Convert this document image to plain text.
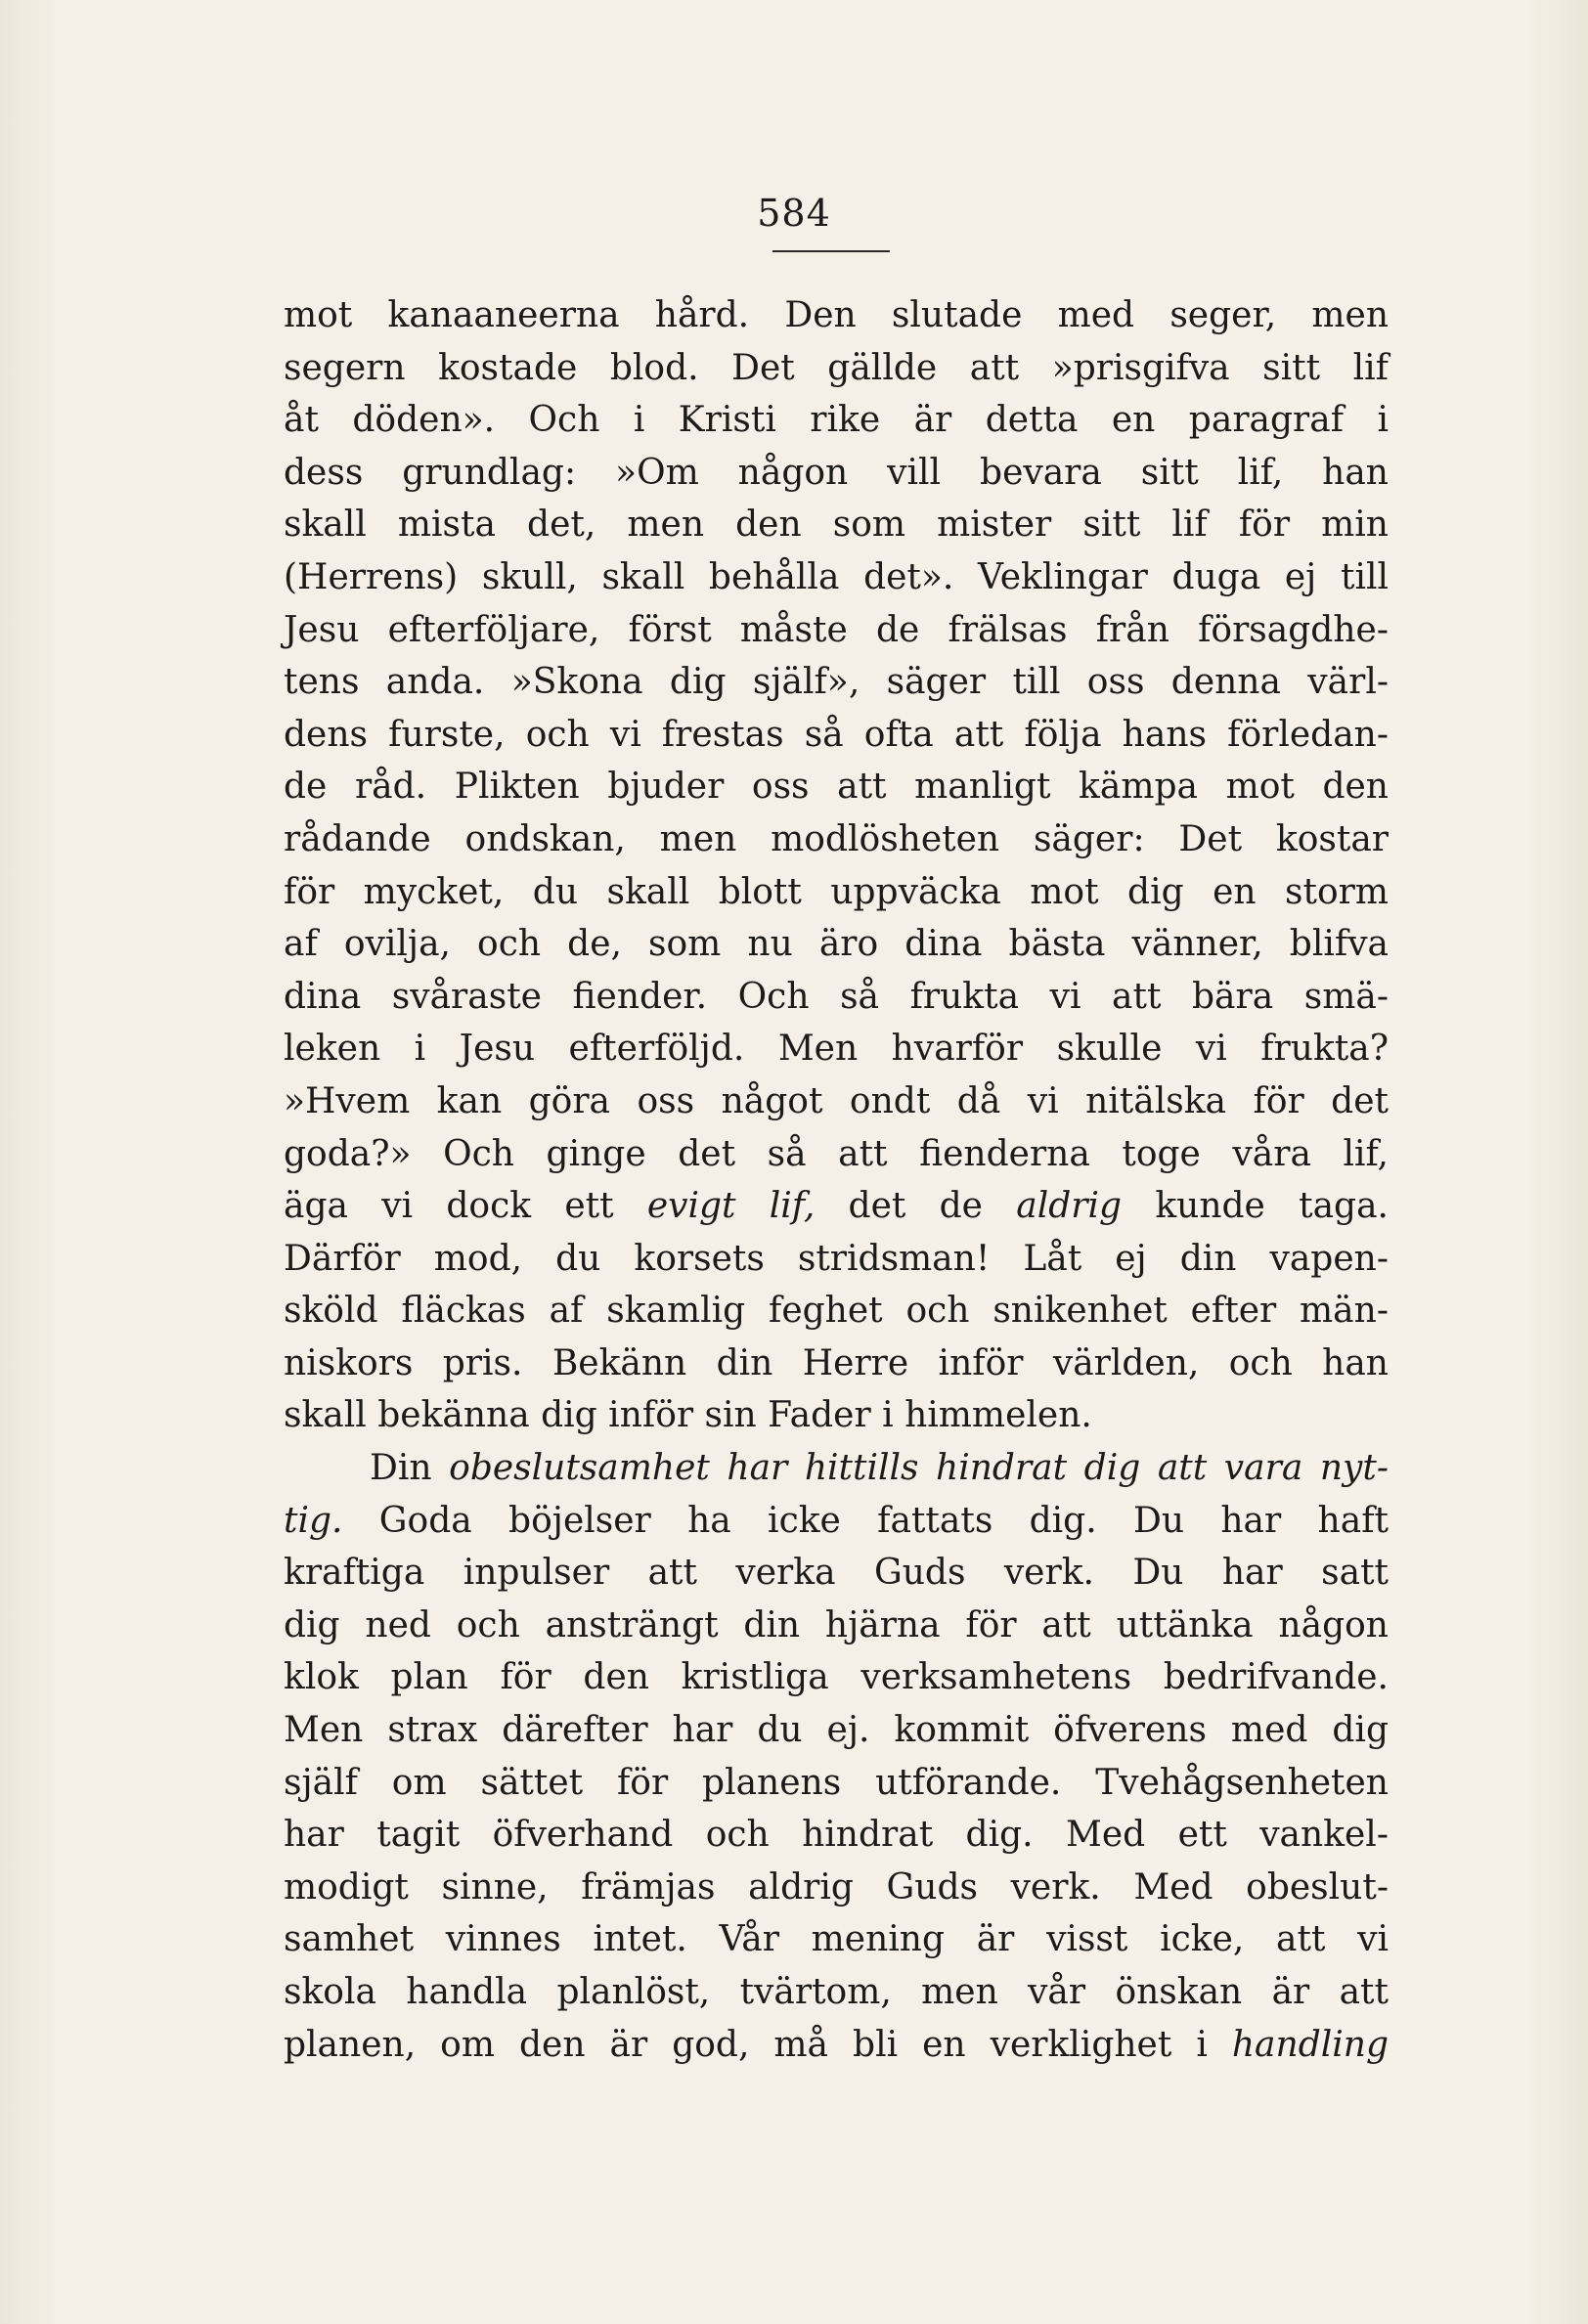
584
mot kanaaneerna hård. Den slutade med seger, men
segern kostade blod. Det gällde att »prisgifva sitt lif
åt döden». Och i Kristi rike är detta en paragraf i
dess grundlag: »Om någon vill bevara sitt lif, han
skall mista det, men den som mister sitt lif för min
(Herrens) skull, skall behålla det». Veklingar duga ej till
Jesu efterföljare, först måste de frälsas från försagdhe-
tens anda. »Skona dig själf», säger till oss denna värl-
dens furste, och vi frestas så ofta att följa hans förledan-
de råd. Plikten bjuder oss att manligt kämpa mot den
rådande ondskan, men modlösheten säger: Det kostar
för mycket, du skall blott uppväcka mot dig en storm
af ovilja, och de, som nu äro dina bästa vänner, blifva
dina svåraste fiender. Och så frukta vi att bära smä-
leken i Jesu efterföljd. Men hvarför skulle vi frukta?
»Hvem kan göra oss något ondt då vi nitälska för det
goda?» Och ginge det så att fienderna toge våra lif,
äga vi dock ett evigt lif, det de aldrig kunde taga.
Därför mod, du korsets stridsman! Låt ej din vapen-
sköld fläckas af skamlig feghet och snikenhet efter män-
niskors pris. Bekänn din Herre inför världen, och han
skall bekänna dig inför sin Fader i himmelen.
Din obeslutsamhet har hittills hindrat dig att vara nyt-
tig. Goda böjelser ha icke fattats dig. Du har haft
kraftiga inpulser att verka Guds verk. Du har satt
dig ned och ansträngt din hjärna för att uttänka någon
klok plan för den kristliga verksamhetens bedrifvande.
Men strax därefter har du ej. kommit öfverens med dig
själf om sättet för planens utförande. Tvehågsenheten
har tagit öfverhand och hindrat dig. Med ett vankel-
modigt sinne, främjas aldrig Guds verk. Med obeslut-
samhet vinnes intet. Vår mening är visst icke, att vi
skola handla planlöst, tvärtom, men vår önskan är att
planen, om den är god, må bli en verklighet i handling
